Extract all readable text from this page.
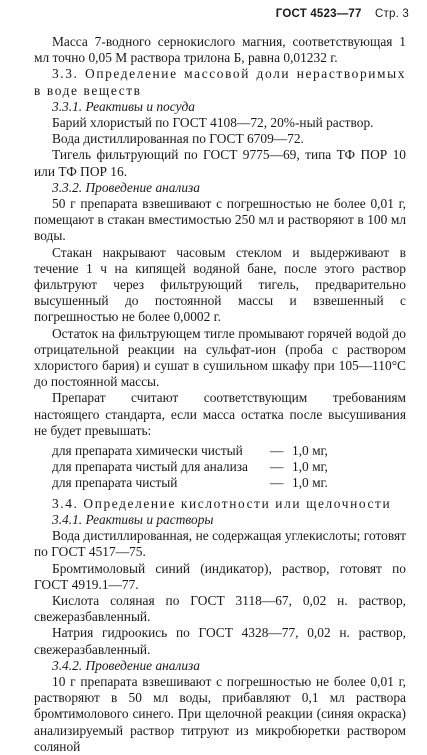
ГОСТ 4523—77 Стр. 3

Масса 7-водного сернокислого магния, соответствующая 1 мл точно 0,05 М раствора трилона Б, равна 0,01232 г.

3.3. Определение массовой доли нерастворимых в воде веществ

3.3.1. Реактивы и посуда

Барий хлористый по ГОСТ 4108—72, 20%-ный раствор.

Вода дистиллированная по ГОСТ 6709—72.

Тигель фильтрующий по ГОСТ 9775—69, типа ТФ ПОР 10 или ТФ ПОР 16.

3.3.2. Проведение анализа

50 г препарата взвешивают с погрешностью не более 0,01 г, помещают в стакан вместимостью 250 мл и растворяют в 100 мл воды.

Стакан накрывают часовым стеклом и выдерживают в течение 1 ч на кипящей водяной бане, после этого раствор фильтруют через фильтрующий тигель, предварительно высушенный до постоянной массы и взвешенный с погрешностью не более 0,0002 г.

Остаток на фильтрующем тигле промывают горячей водой до отрицательной реакции на сульфат-ион (проба с раствором хлористого бария) и сушат в сушильном шкафу при 105—110°С до постоянной массы.

Препарат считают соответствующим требованиям настоящего стандарта, если масса остатка после высушивания не будет превышать:

для препарата химически чистый	— 1,0 мг,
для препарата чистый для анализа	— 1,0 мг,
для препарата чистый	— 1,0 мг.

3.4. Определение кислотности или щелочности

3.4.1. Реактивы и растворы

Вода дистиллированная, не содержащая углекислоты; готовят по ГОСТ 4517—75.

Бромтимоловый синий (индикатор), раствор, готовят по ГОСТ 4919.1—77.

Кислота соляная по ГОСТ 3118—67, 0,02 н. раствор, свежеразбавленный.

Натрия гидроокись по ГОСТ 4328—77, 0,02 н. раствор, свежеразбавленный.

3.4.2. Проведение анализа

10 г препарата взвешивают с погрешностью не более 0,01 г, растворяют в 50 мл воды, прибавляют 0,1 мл раствора бромтимолового синего. При щелочной реакции (синяя окраска) анализируемый раствор титруют из микробюретки раствором соляной
